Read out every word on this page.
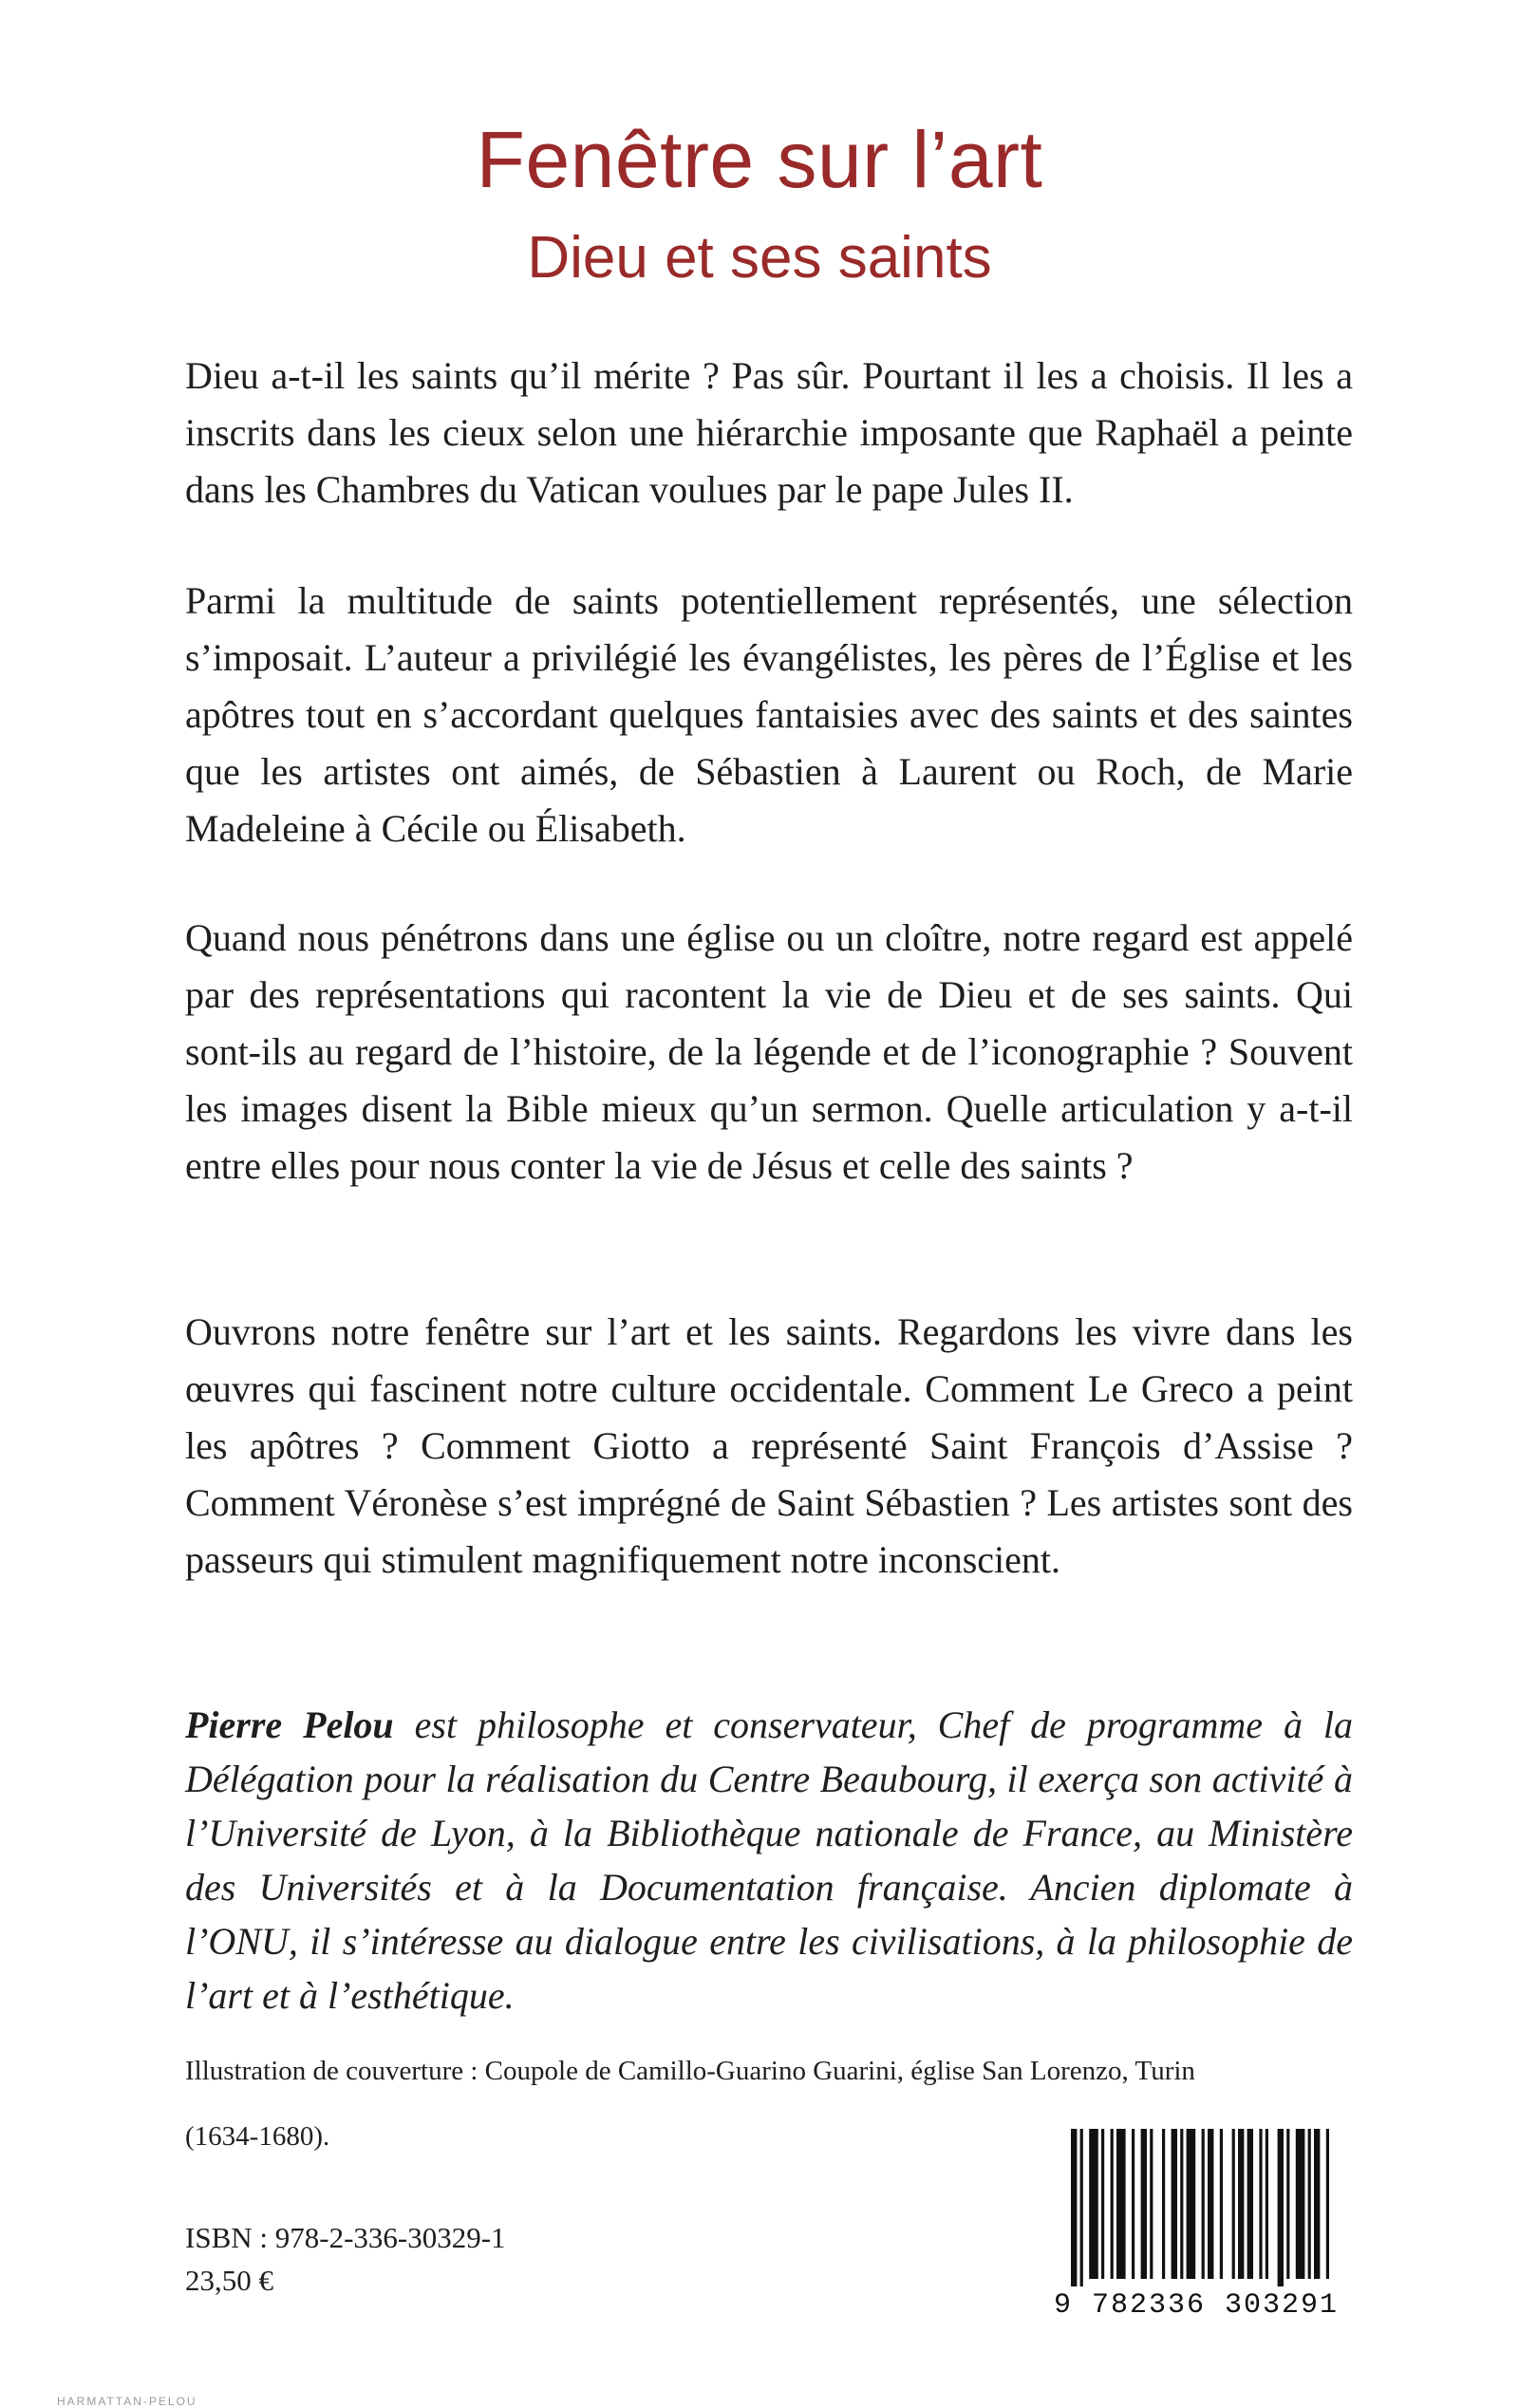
Fenêtre sur l’art
Dieu et ses saints

Dieu a-t-il les saints qu’il mérite ? Pas sûr. Pourtant il les a choisis. Il les a inscrits dans les cieux selon une hiérarchie imposante que Raphaël a peinte dans les Chambres du Vatican voulues par le pape Jules II.

Parmi la multitude de saints potentiellement représentés, une sélection s’imposait. L’auteur a privilégié les évangélistes, les pères de l’Église et les apôtres tout en s’accordant quelques fantaisies avec des saints et des saintes que les artistes ont aimés, de Sébastien à Laurent ou Roch, de Marie Madeleine à Cécile ou Élisabeth.

Quand nous pénétrons dans une église ou un cloître, notre regard est appelé par des représentations qui racontent la vie de Dieu et de ses saints. Qui sont-ils au regard de l’histoire, de la légende et de l’iconographie ? Souvent les images disent la Bible mieux qu’un sermon. Quelle articulation y a-t-il entre elles pour nous conter la vie de Jésus et celle des saints ?

Ouvrons notre fenêtre sur l’art et les saints. Regardons les vivre dans les œuvres qui fascinent notre culture occidentale. Comment Le Greco a peint les apôtres ? Comment Giotto a représenté Saint François d’Assise ? Comment Véronèse s’est imprégné de Saint Sébastien ? Les artistes sont des passeurs qui stimulent magnifiquement notre inconscient.

Pierre Pelou est philosophe et conservateur, Chef de programme à la Délégation pour la réalisation du Centre Beaubourg, il exerça son activité à l’Université de Lyon, à la Bibliothèque nationale de France, au Ministère des Universités et à la Documentation française. Ancien diplomate à l’ONU, il s’intéresse au dialogue entre les civilisations, à la philosophie de l’art et à l’esthétique.

Illustration de couverture : Coupole de Camillo-Guarino Guarini, église San Lorenzo, Turin

(1634-1680).

ISBN : 978-2-336-30329-1

23,50 €

9 782336 303291
HARMATTAN-PELOU
